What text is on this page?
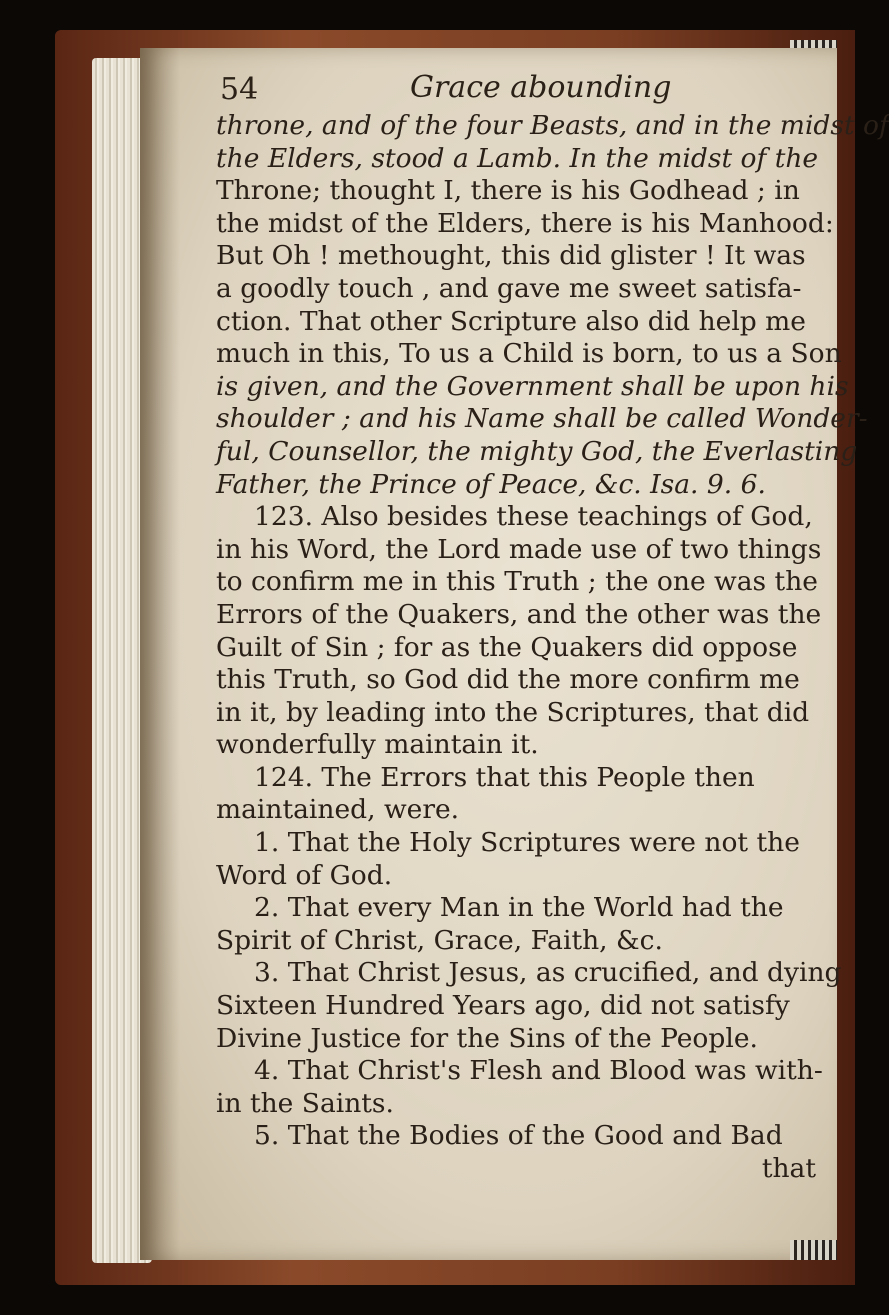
54	Grace abounding
throne, and of the four Beasts, and in the midst of
the Elders, stood a Lamb. In the midst of the
Throne; thought I, there is his Godhead ; in
the midst of the Elders, there is his Manhood:
But Oh ! methought, this did glister ! It was
a goodly touch , and gave me sweet satisfa-
ction. That other Scripture also did help me
much in this, To us a Child is born, to us a Son
is given, and the Government shall be upon his
shoulder ; and his Name shall be called Wonder-
ful, Counsellor, the mighty God, the Everlasting
Father, the Prince of Peace, &c. Isa. 9. 6.
123. Also besides these teachings of God,
in his Word, the Lord made use of two things
to confirm me in this Truth ; the one was the
Errors of the Quakers, and the other was the
Guilt of Sin ; for as the Quakers did oppose
this Truth, so God did the more confirm me
in it, by leading into the Scriptures, that did
wonderfully maintain it.
124. The Errors that this People then
maintained, were.
1. That the Holy Scriptures were not the
Word of God.
2. That every Man in the World had the
Spirit of Christ, Grace, Faith, &c.
3. That Christ Jesus, as crucified, and dying
Sixteen Hundred Years ago, did not satisfy
Divine Justice for the Sins of the People.
4. That Christ's Flesh and Blood was with-
in the Saints.
5. That the Bodies of the Good and Bad
that
